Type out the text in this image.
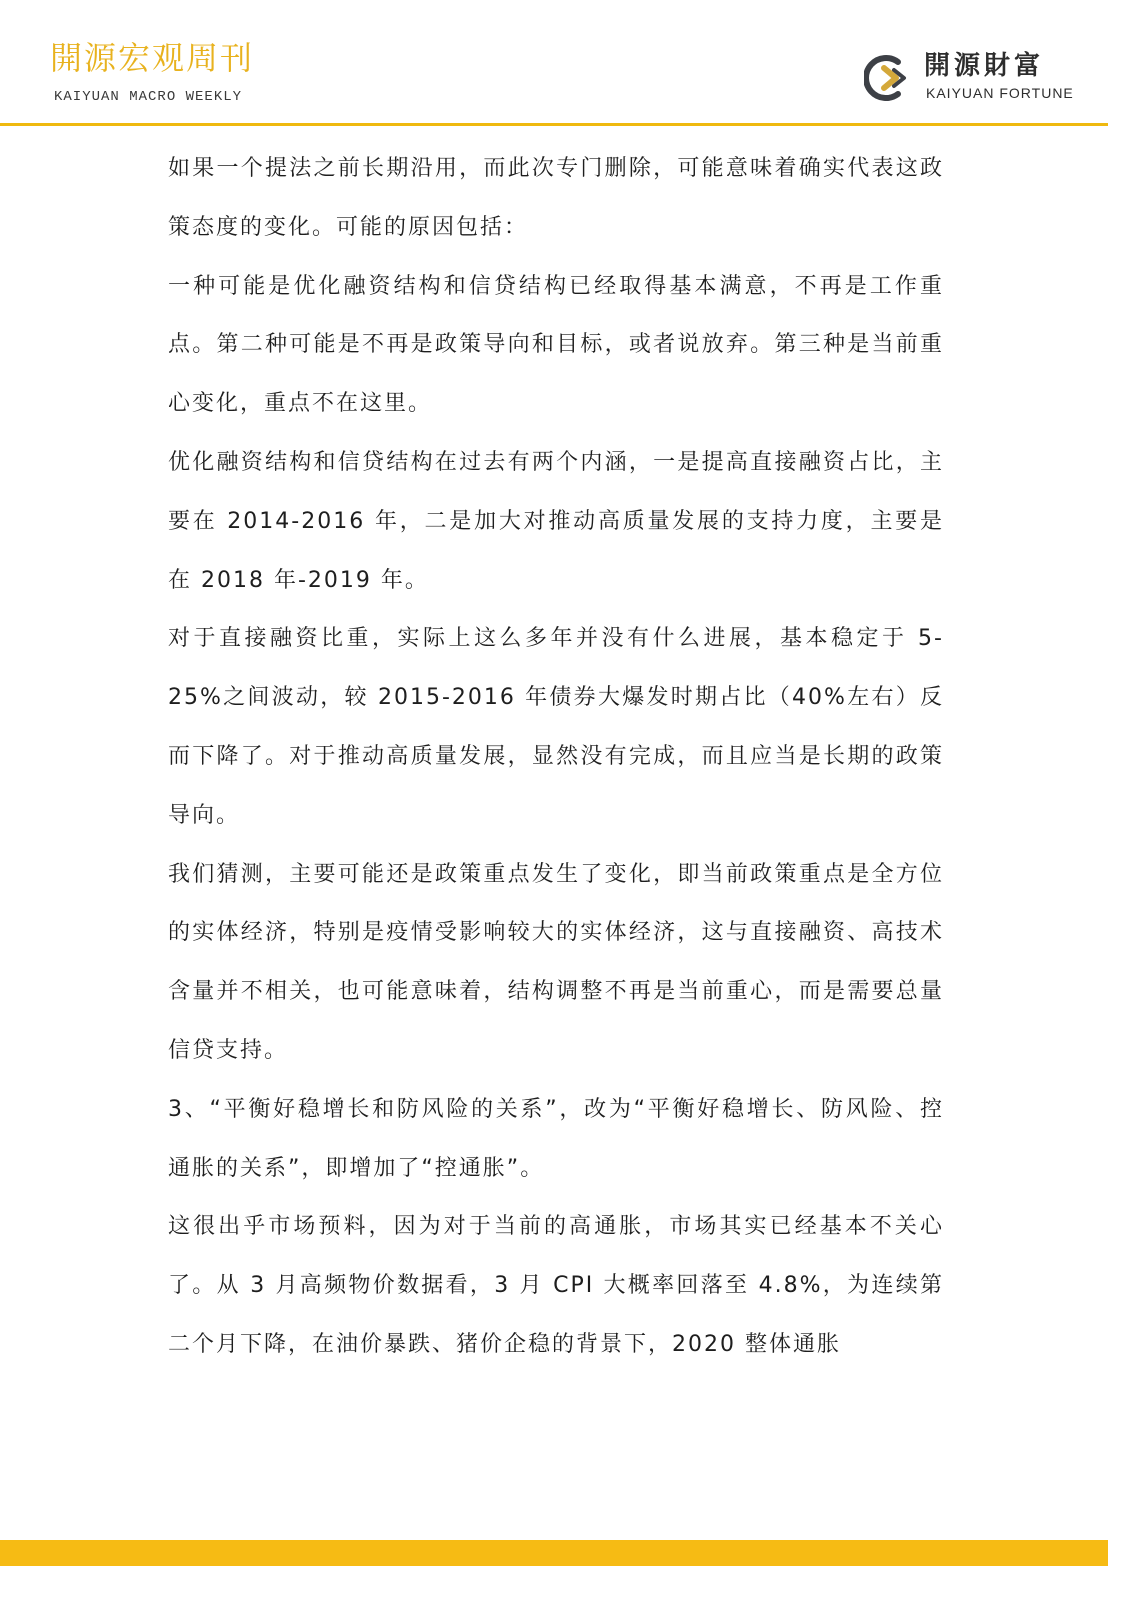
開源宏观周刊
KAIYUAN MACRO WEEKLY
開源財富
KAIYUAN FORTUNE

如果一个提法之前长期沿用，而此次专门删除，可能意味着确实代表这政策态度的变化。可能的原因包括：

一种可能是优化融资结构和信贷结构已经取得基本满意，不再是工作重点。第二种可能是不再是政策导向和目标，或者说放弃。第三种是当前重心变化，重点不在这里。

优化融资结构和信贷结构在过去有两个内涵，一是提高直接融资占比，主要在 2014-2016 年，二是加大对推动高质量发展的支持力度，主要是在 2018 年-2019 年。

对于直接融资比重，实际上这么多年并没有什么进展，基本稳定于 5-25%之间波动，较 2015-2016 年债券大爆发时期占比（40%左右）反而下降了。对于推动高质量发展，显然没有完成，而且应当是长期的政策导向。

我们猜测，主要可能还是政策重点发生了变化，即当前政策重点是全方位的实体经济，特别是疫情受影响较大的实体经济，这与直接融资、高技术含量并不相关，也可能意味着，结构调整不再是当前重心，而是需要总量信贷支持。

3、“平衡好稳增长和防风险的关系”，改为“平衡好稳增长、防风险、控通胀的关系”，即增加了“控通胀”。

这很出乎市场预料，因为对于当前的高通胀，市场其实已经基本不关心了。从 3 月高频物价数据看，3 月 CPI 大概率回落至 4.8%，为连续第二个月下降，在油价暴跌、猪价企稳的背景下，2020 整体通胀
